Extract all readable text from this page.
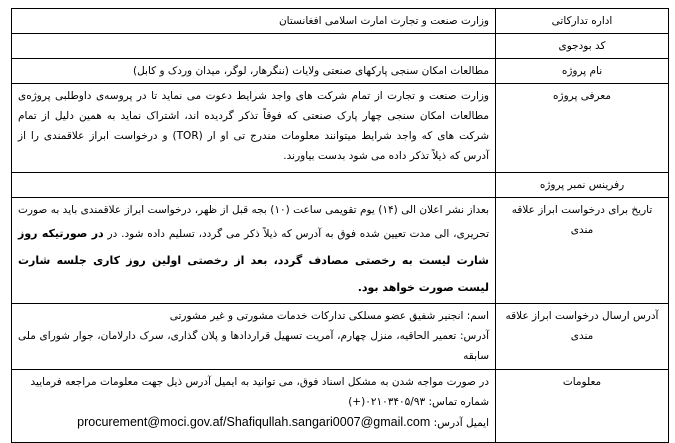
اداره تدارکاتی	وزارت صنعت و تجارت امارت اسلامی افغانستان
کد بودجوی	
نام پروژه	مطالعات امکان سنجی پارکهای صنعتی ولایات (ننگرهار، لوگر، میدان وردک و کابل)
معرفی پروژه	وزارت صنعت و تجارت از تمام شرکت های واجد شرایط دعوت می نماید تا در پروسه‌ی داوطلبی پروژه‌ی مطالعات امکان سنجی چهار پارک صنعتی که فوقاً تذکر گردیده اند، اشتراک نماید به همین دلیل از تمام شرکت های که واجد شرایط میتوانند معلومات مندرج تی او ار (TOR) و درخواست ابراز علاقمندی را از آدرس که ذیلاً تذکر داده می شود بدست بیاورند.
رفرینس نمبر پروژه	
تاریخ برای درخواست ابراز علاقه مندی	بعداز نشر اعلان الی (۱۴) یوم تقویمی ساعت (۱۰) بجه قبل از ظهر، درخواست ابراز علاقمندی باید به صورت تحریری، الی مدت تعیین شده فوق به آدرس که ذیلاً ذکر می گردد، تسلیم داده شود. در در صورتیکه روز شارت لیست به رخصتی مصادف گردد، بعد از رخصتی اولین روز کاری جلسه شارت لیست صورت خواهد بود.
آدرس ارسال درخواست ابراز علاقه مندی	اسم: انجنیر شفیق عضو مسلکی تدارکات خدمات مشورتی و غیر مشورتی
آدرس: تعمیر الحاقیه، منزل چهارم، آمریت تسهیل قراردادها و پلان گذاری، سرک دارلامان، جوار شورای ملی سابقه

معلومات	در صورت مواجه شدن به مشکل اسناد فوق، می توانید به ایمیل آدرس ذیل جهت معلومات مراجعه فرمایید
شماره تماس: ۰۲۱۰۳۴۰۵/۹۳(+)
ایمیل آدرس: procurement@moci.gov.af/Shafiqullah.sangari0007@gmail.com
